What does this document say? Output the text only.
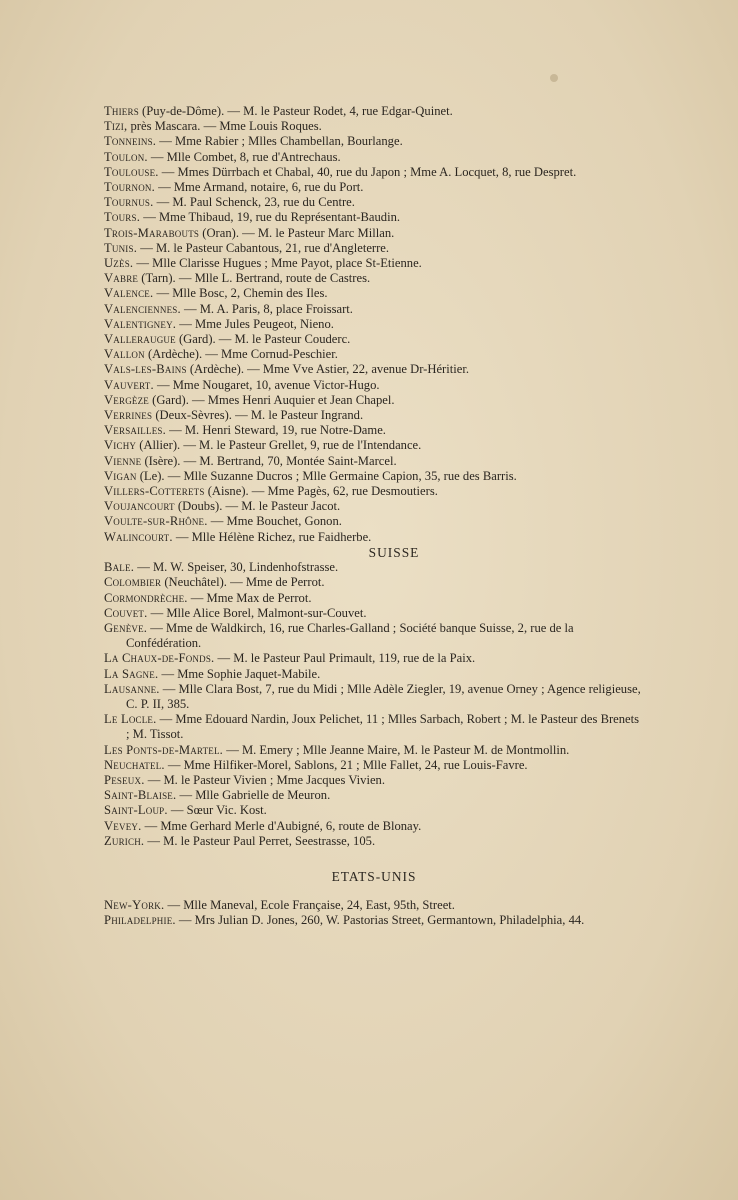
Thiers (Puy-de-Dôme). — M. le Pasteur Rodet, 4, rue Edgar-Quinet.

Tizi, près Mascara. — Mme Louis Roques.

Tonneins. — Mme Rabier ; Mlles Chambellan, Bourlange.

Toulon. — Mlle Combet, 8, rue d'Antrechaus.

Toulouse. — Mmes Dürrbach et Chabal, 40, rue du Japon ; Mme A. Locquet, 8, rue Despret.

Tournon. — Mme Armand, notaire, 6, rue du Port.

Tournus. — M. Paul Schenck, 23, rue du Centre.

Tours. — Mme Thibaud, 19, rue du Représentant-Baudin.

Trois-Marabouts (Oran). — M. le Pasteur Marc Millan.

Tunis. — M. le Pasteur Cabantous, 21, rue d'Angleterre.

Uzès. — Mlle Clarisse Hugues ; Mme Payot, place St-Etienne.

Vabre (Tarn). — Mlle L. Bertrand, route de Castres.

Valence. — Mlle Bosc, 2, Chemin des Iles.

Valenciennes. — M. A. Paris, 8, place Froissart.

Valentigney. — Mme Jules Peugeot, Nieno.

Valleraugue (Gard). — M. le Pasteur Couderc.

Vallon (Ardèche). — Mme Cornud-Peschier.

Vals-les-Bains (Ardèche). — Mme Vve Astier, 22, avenue Dr-Héritier.

Vauvert. — Mme Nougaret, 10, avenue Victor-Hugo.

Vergèze (Gard). — Mmes Henri Auquier et Jean Chapel.

Verrines (Deux-Sèvres). — M. le Pasteur Ingrand.

Versailles. — M. Henri Steward, 19, rue Notre-Dame.

Vichy (Allier). — M. le Pasteur Grellet, 9, rue de l'Intendance.

Vienne (Isère). — M. Bertrand, 70, Montée Saint-Marcel.

Vigan (Le). — Mlle Suzanne Ducros ; Mlle Germaine Capion, 35, rue des Barris.

Villers-Cotterets (Aisne). — Mme Pagès, 62, rue Desmoutiers.

Voujancourt (Doubs). — M. le Pasteur Jacot.

Voulte-sur-Rhône. — Mme Bouchet, Gonon.

Walincourt. — Mlle Hélène Richez, rue Faidherbe.

SUISSE

Bale. — M. W. Speiser, 30, Lindenhofstrasse.

Colombier (Neuchâtel). — Mme de Perrot.

Cormondrèche. — Mme Max de Perrot.

Couvet. — Mlle Alice Borel, Malmont-sur-Couvet.

Genève. — Mme de Waldkirch, 16, rue Charles-Galland ; Société banque Suisse, 2, rue de la Confédération.

La Chaux-de-Fonds. — M. le Pasteur Paul Primault, 119, rue de la Paix.

La Sagne. — Mme Sophie Jaquet-Mabile.

Lausanne. — Mlle Clara Bost, 7, rue du Midi ; Mlle Adèle Ziegler, 19, avenue Orney ; Agence religieuse, C. P. II, 385.

Le Locle. — Mme Edouard Nardin, Joux Pelichet, 11 ; Mlles Sarbach, Robert ; M. le Pasteur des Brenets ; M. Tissot.

Les Ponts-de-Martel. — M. Emery ; Mlle Jeanne Maire, M. le Pasteur M. de Montmollin.

Neuchatel. — Mme Hilfiker-Morel, Sablons, 21 ; Mlle Fallet, 24, rue Louis-Favre.

Peseux. — M. le Pasteur Vivien ; Mme Jacques Vivien.

Saint-Blaise. — Mlle Gabrielle de Meuron.

Saint-Loup. — Sœur Vic. Kost.

Vevey. — Mme Gerhard Merle d'Aubigné, 6, route de Blonay.

Zurich. — M. le Pasteur Paul Perret, Seestrasse, 105.

ETATS-UNIS

New-York. — Mlle Maneval, Ecole Française, 24, East, 95th, Street.

Philadelphie. — Mrs Julian D. Jones, 260, W. Pastorias Street, Germantown, Philadelphia, 44.
